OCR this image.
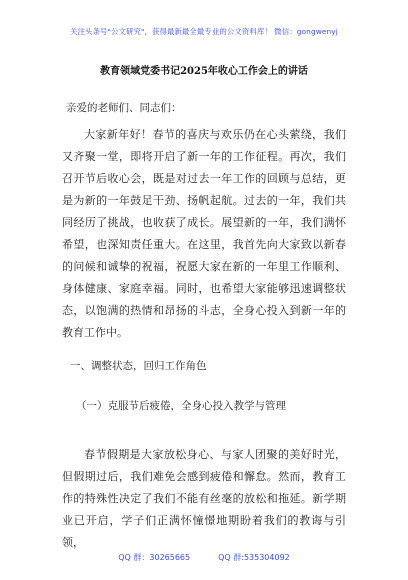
关注头条号"公文研究"，获得最新最全最专业的公文资料库！ 微信：gongwenyj
教育领域党委书记2025年收心工作会上的讲话
亲爱的老师们、同志们：

大家新年好！春节的喜庆与欢乐仍在心头萦绕，我们又齐聚一堂，即将开启了新一年的工作征程。再次，我们召开节后收心会，既是对过去一年工作的回顾与总结，更是为新的一年鼓足干劲、扬帆起航。过去的一年，我们共同经历了挑战，也收获了成长。展望新的一年，我们满怀希望，也深知责任重大。在这里，我首先向大家致以新春的问候和诚挚的祝福，祝愿大家在新的一年里工作顺利、身体健康、家庭幸福。同时，也希望大家能够迅速调整状态，以饱满的热情和昂扬的斗志，全身心投入到新一年的教育工作中。

一、调整状态，回归工作角色
（一）克服节后疲倦，全身心投入教学与管理

春节假期是大家放松身心、与家人团聚的美好时光，但假期过后，我们难免会感到疲倦和懈怠。然而，教育工作的特殊性决定了我们不能有丝毫的放松和拖延。新学期业已开启，学子们正满怀憧憬地期盼着我们的教诲与引领，

QQ 群：30265665	QQ 群:535304092
